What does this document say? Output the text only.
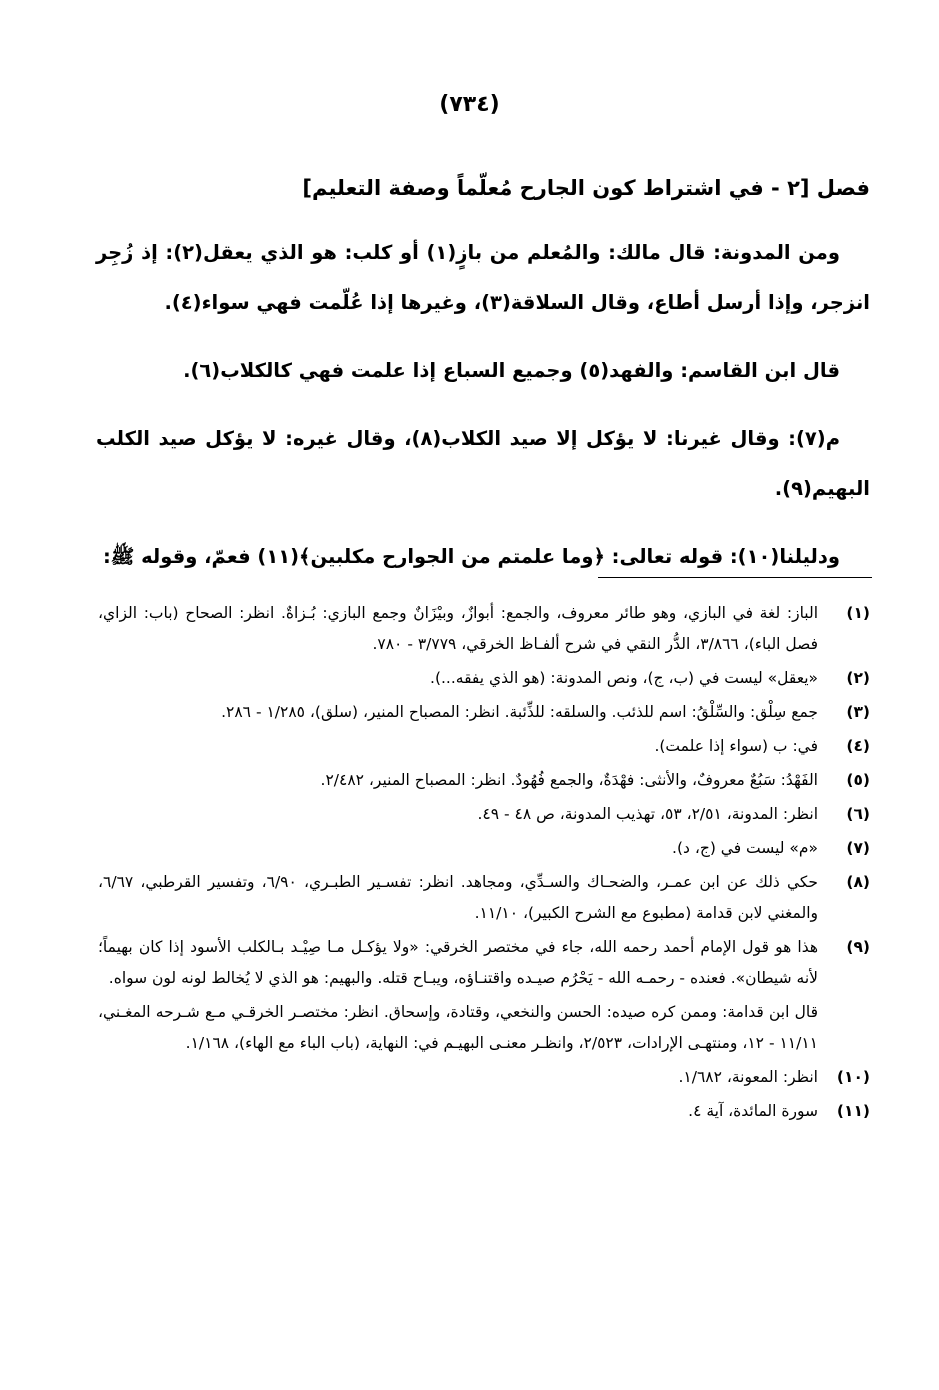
(٧٣٤)
فصل [٢ - في اشتراط كون الجارح مُعلّماً وصفة التعليم]

ومن المدونة: قال مالك: والمُعلم من بازٍ(١) أو كلب: هو الذي يعقل(٢): إذ زُجِر انزجر، وإذا أرسل أطاع، وقال السلاقة(٣)، وغيرها إذا عُلّمت فهي سواء(٤).

قال ابن القاسم: والفهد(٥) وجميع السباع إذا علمت فهي كالكلاب(٦).

م(٧): وقال غيرنا: لا يؤكل إلا صيد الكلاب(٨)، وقال غيره: لا يؤكل صيد الكلب البهيم(٩).

ودليلنا(١٠): قوله تعالى: ﴿وما علمتم من الجوارح مكلبين﴾(١١) فعمّ، وقوله ﷺ:

(١)
الباز: لغة في البازي، وهو طائر معروف، والجمع: أبوازٌ، وبيْزَانٌ وجمع البازي: بُـزاةٌ. انظر: الصحاح (باب: الزاي، فصل الباء)، ٣/٨٦٦، الدُّر النقي في شرح ألفـاظ الخرقي، ٣/٧٧٩ - ٧٨٠.
(٢)
«يعقل» ليست في (ب، ج)، ونص المدونة: (هو الذي يفقه...).
(٣)
جمع سِلْق: والسِّلْقُ: اسم للذئب. والسلقه: للذِّئبة. انظر: المصباح المنير، (سلق)، ١/٢٨٥ - ٢٨٦.
(٤)
في: ب (سواء إذا علمت).
(٥)
الفَهْدُ: سَبُعٌ معروفٌ، والأنثى: فهْدَةٌ، والجمع فُهُودٌ. انظر: المصباح المنير، ٢/٤٨٢.
(٦)
انظر: المدونة، ٢/٥١، ٥٣، تهذيب المدونة، ص ٤٨ - ٤٩.
(٧)
«م» ليست في (ج، د).
(٨)
حكي ذلك عن ابن عمـر، والضحـاك والسـدِّي، ومجاهد. انظر: تفسـير الطبـري، ٦/٩٠، وتفسير القرطبي، ٦/٦٧، والمغني لابن قدامة (مطبوع مع الشرح الكبير)، ١١/١٠.
(٩)
هذا هو قول الإمام أحمد رحمه الله، جاء في مختصر الخرقي: «ولا يؤكـل مـا صِيْـد بـالكلب الأسود إذا كان بهيماً؛ لأنه شيطان». فعنده - رحمـه الله - يَحْرُم صيـده واقتنـاؤه، ويبـاح قتله. والبهيم: هو الذي لا يُخالط لونه لون سواه.
قال ابن قدامة: وممن كره صيده: الحسن والنخعي، وقتادة، وإسحاق. انظر: مختصـر الخرقـي مـع شـرحه المغـني، ١١/١١ - ١٢، ومنتهـى الإرادات، ٢/٥٢٣، وانظـر معنـى البهيـم في: النهاية، (باب الباء مع الهاء)، ١/١٦٨.
(١٠)
انظر: المعونة، ١/٦٨٢.
(١١)
سورة المائدة، آية ٤.
